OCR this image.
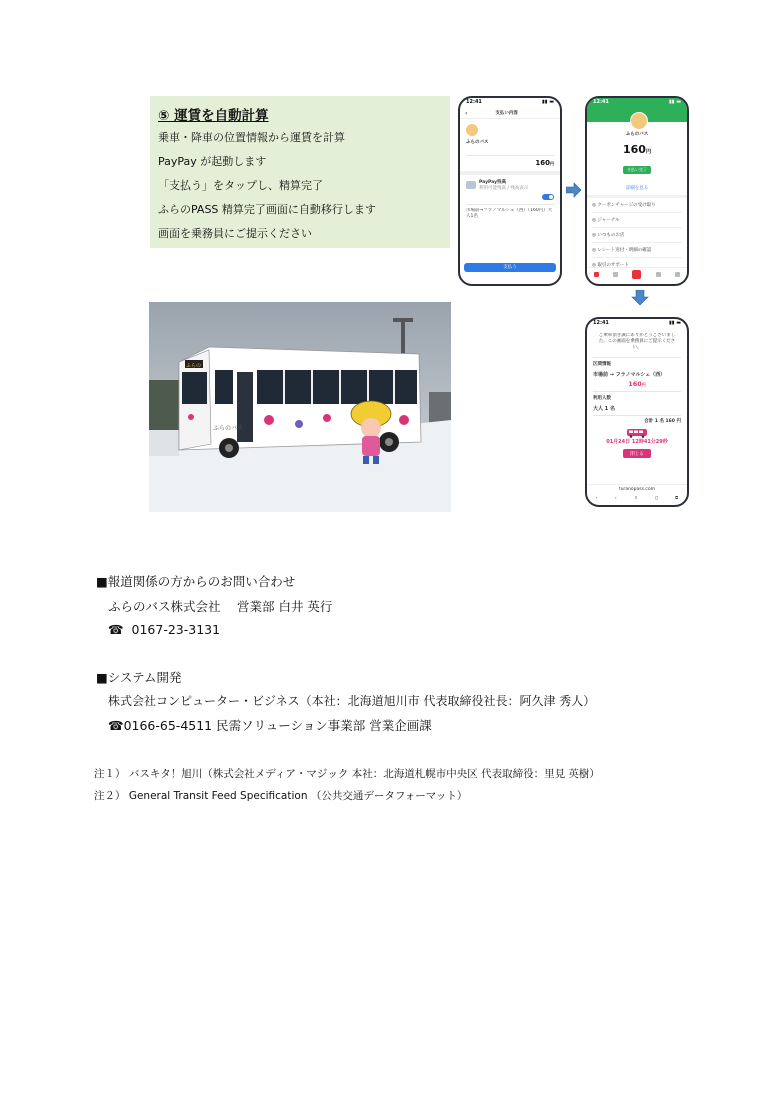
⑤ 運賃を自動計算
乗車・降車の位置情報から運賃を計算
PayPay が起動します
「支払う」をタップし、精算完了
ふらのPASS 精算完了画面に自動移行します
画面を乗務員にご提示ください
12:41	▮▮ ▬
‹	支払い内容
ふらのバス
160円
PayPay残高
利用可能残高 / 残高表示
市場前→フラノマルシェ（西）（160円）大人1名
支払う
12:41	▮▮ ▬
ふらのバス
160円
支払い完了
詳細を見る
◎ クーポンチャージの受け取り
◎ ジャーナル
◎ いつものお店
◎ レシート送付・明細の確認
◎ 取引のサポート
12:41	▮▮ ▬
ご乗車頂き誠にありがとうございました。この画面を乗務員にご提示ください。
区間情報
市場前 → フラノマルシェ（西）
160円
利用人数
大人 1 名
合計 1 名 160 円
01月24日 12時41分29秒
閉じる
furanopass.com
‹	›	⇪	▯	⧉
ふらの
ふらのバス
■報道関係の方からのお問い合わせ
ふらのバス株式会社　 営業部 白井 英行
☎ 0167-23-3131
■システム開発
株式会社コンピューター・ビジネス（本社：北海道旭川市 代表取締役社長：阿久津 秀人）
☎0166-65-4511 民需ソリューション事業部 営業企画課
注１） バスキタ！旭川（株式会社メディア・マジック 本社：北海道札幌市中央区 代表取締役：里見 英樹）
注２） General Transit Feed Specification （公共交通データフォーマット）
